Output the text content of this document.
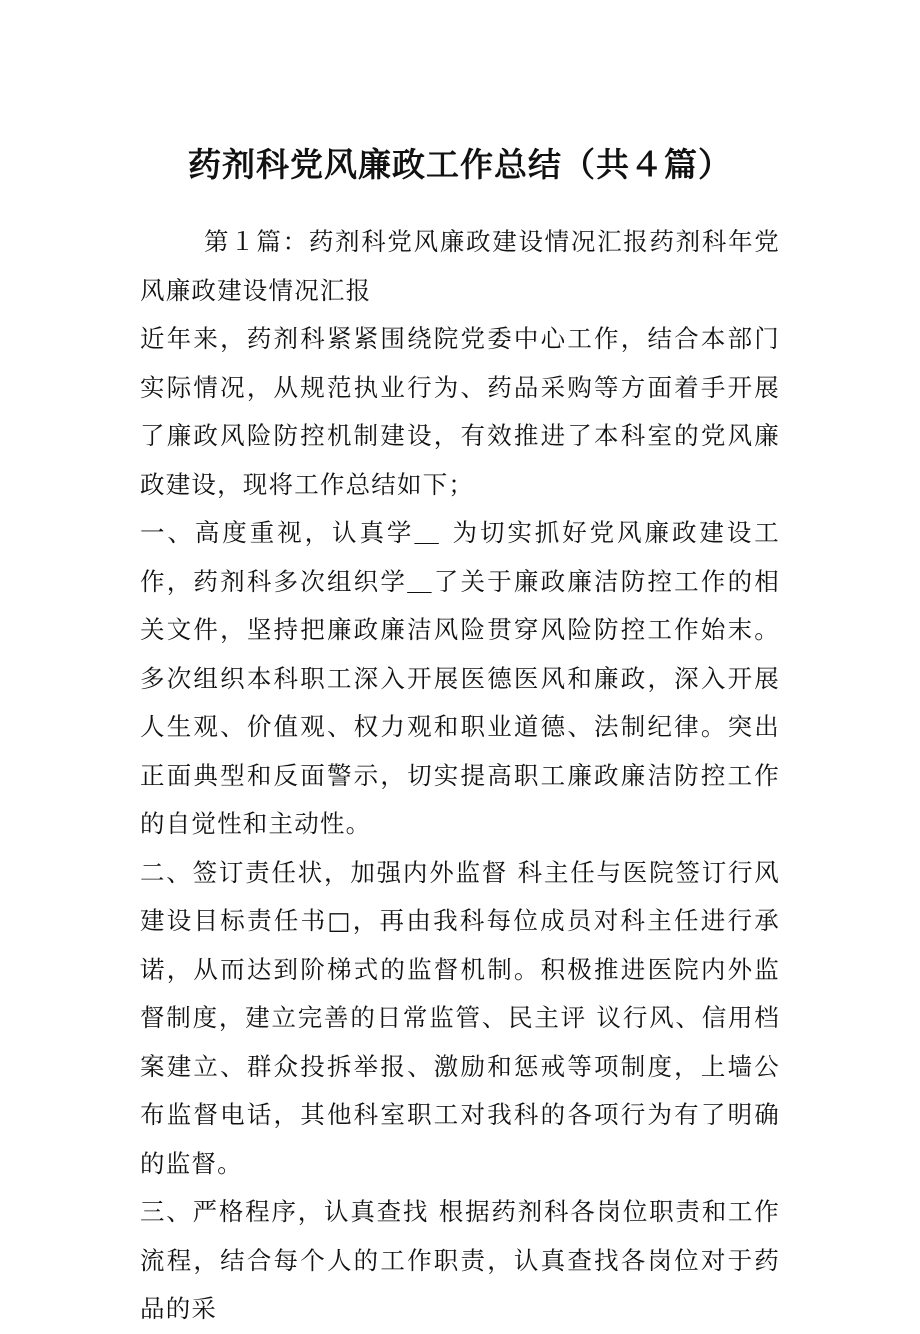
药剂科党风廉政工作总结（共４篇）

第１篇：药剂科党风廉政建设情况汇报药剂科年党风廉政建设情况汇报

近年来，药剂科紧紧围绕院党委中心工作，结合本部门实际情况，从规范执业行为、药品采购等方面着手开展了廉政风险防控机制建设，有效推进了本科室的党风廉政建设，现将工作总结如下；

一、高度重视，认真学＿ 为切实抓好党风廉政建设工作，药剂科多次组织学＿了关于廉政廉洁防控工作的相关文件，坚持把廉政廉洁风险贯穿风险防控工作始末。多次组织本科职工深入开展医德医风和廉政，深入开展人生观、价值观、权力观和职业道德、法制纪律。突出正面典型和反面警示，切实提高职工廉政廉洁防控工作的自觉性和主动性。

二、签订责任状，加强内外监督 科主任与医院签订行风建设目标责任书□，再由我科每位成员对科主任进行承诺，从而达到阶梯式的监督机制。积极推进医院内外监督制度，建立完善的日常监管、民主评 议行风、信用档案建立、群众投拆举报、激励和惩戒等项制度，上墙公布监督电话，其他科室职工对我科的各项行为有了明确的监督。

三、严格程序，认真查找 根据药剂科各岗位职责和工作流程，结合每个人的工作职责，认真查找各岗位对于药品的采
